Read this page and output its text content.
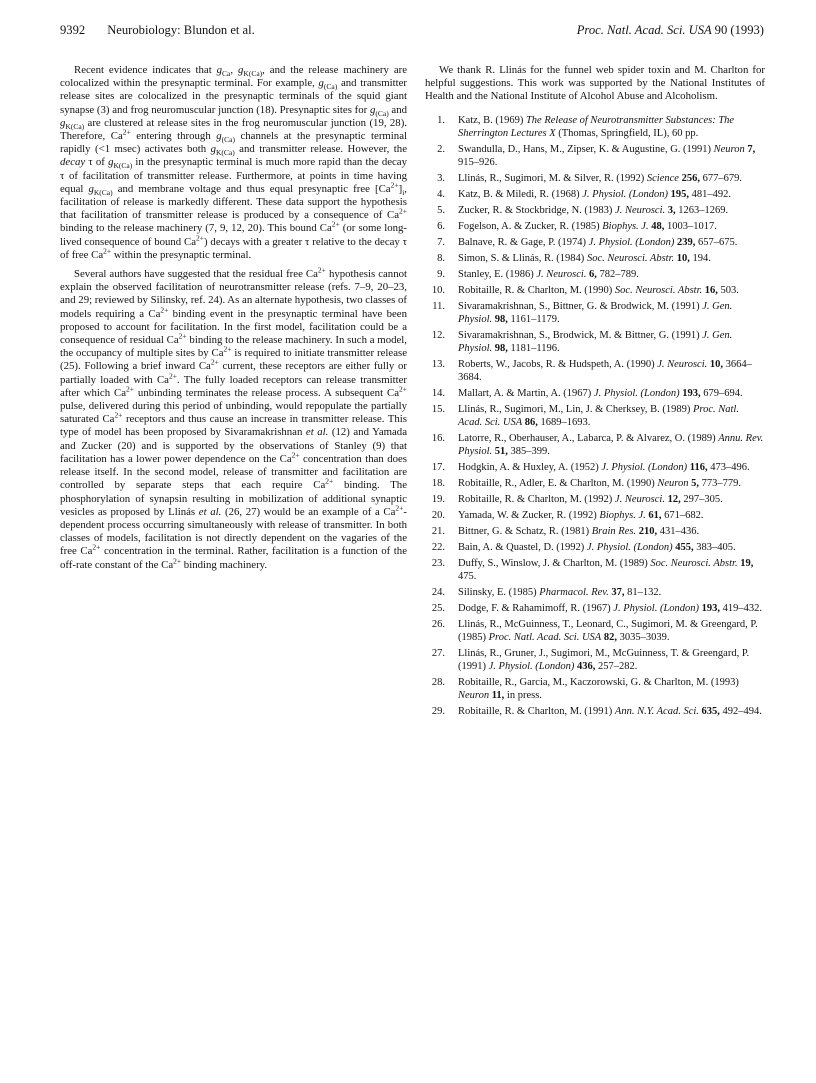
9392 Neurobiology: Blundon et al.	Proc. Natl. Acad. Sci. USA 90 (1993)

Recent evidence indicates that $g_{Ca}$, $g_{K(Ca)}$, and the release machinery are colocalized within the presynaptic terminal. For example, $g_{(Ca)}$ and transmitter release sites are colocalized in the presynaptic terminals of the squid giant synapse (3) and frog neuromuscular junction (18). Presynaptic sites for $g_{(Ca)}$ and $g_{K(Ca)}$ are clustered at release sites in the frog neuromuscular junction (19, 28). Therefore, $Ca^{2+}$ entering through $g_{(Ca)}$ channels at the presynaptic terminal rapidly (<1 msec) activates both $g_{K(Ca)}$ and transmitter release. However, the decay τ of $g_{K(Ca)}$ in the presynaptic terminal is much more rapid than the decay τ of facilitation of transmitter release. Furthermore, at points in time having equal $g_{K(Ca)}$ and membrane voltage and thus equal presynaptic free $[Ca^{2+}]_i$, facilitation of release is markedly different. These data support the hypothesis that facilitation of transmitter release is produced by a consequence of $Ca^{2+}$ binding to the release machinery (7, 9, 12, 20). This bound $Ca^{2+}$ (or some long-lived consequence of bound $Ca^{2+}$) decays with a greater τ relative to the decay τ of free $Ca^{2+}$ within the presynaptic terminal.

Several authors have suggested that the residual free $Ca^{2+}$ hypothesis cannot explain the observed facilitation of neurotransmitter release (refs. 7–9, 20–23, and 29; reviewed by Silinsky, ref. 24). As an alternate hypothesis, two classes of models requiring a $Ca^{2+}$ binding event in the presynaptic terminal have been proposed to account for facilitation. In the first model, facilitation could be a consequence of residual $Ca^{2+}$ binding to the release machinery. In such a model, the occupancy of multiple sites by $Ca^{2+}$ is required to initiate transmitter release (25). Following a brief inward $Ca^{2+}$ current, these receptors are either fully or partially loaded with $Ca^{2+}$. The fully loaded receptors can release transmitter after which $Ca^{2+}$ unbinding terminates the release process. A subsequent $Ca^{2+}$ pulse, delivered during this period of unbinding, would repopulate the partially saturated $Ca^{2+}$ receptors and thus cause an increase in transmitter release. This type of model has been proposed by Sivaramakrishnan et al. (12) and Yamada and Zucker (20) and is supported by the observations of Stanley (9) that facilitation has a lower power dependence on the $Ca^{2+}$ concentration than does release itself. In the second model, release of transmitter and facilitation are controlled by separate steps that each require $Ca^{2+}$ binding. The phosphorylation of synapsin resulting in mobilization of additional synaptic vesicles as proposed by Llinás et al. (26, 27) would be an example of a $Ca^{2+}$-dependent process occurring simultaneously with release of transmitter. In both classes of models, facilitation is not directly dependent on the vagaries of the free $Ca^{2+}$ concentration in the terminal. Rather, facilitation is a function of the off-rate constant of the $Ca^{2+}$ binding machinery.

We thank R. Llinás for the funnel web spider toxin and M. Charlton for helpful suggestions. This work was supported by the National Institutes of Health and the National Institute of Alcohol Abuse and Alcoholism.

1. Katz, B. (1969) The Release of Neurotransmitter Substances: The Sherrington Lectures X (Thomas, Springfield, IL), 60 pp.
2. Swandulla, D., Hans, M., Zipser, K. & Augustine, G. (1991) Neuron 7, 915–926.
3. Llinás, R., Sugimori, M. & Silver, R. (1992) Science 256, 677–679.
4. Katz, B. & Miledi, R. (1968) J. Physiol. (London) 195, 481–492.
5. Zucker, R. & Stockbridge, N. (1983) J. Neurosci. 3, 1263–1269.
6. Fogelson, A. & Zucker, R. (1985) Biophys. J. 48, 1003–1017.
7. Balnave, R. & Gage, P. (1974) J. Physiol. (London) 239, 657–675.
8. Simon, S. & Llinás, R. (1984) Soc. Neurosci. Abstr. 10, 194.
9. Stanley, E. (1986) J. Neurosci. 6, 782–789.
10. Robitaille, R. & Charlton, M. (1990) Soc. Neurosci. Abstr. 16, 503.
11. Sivaramakrishnan, S., Bittner, G. & Brodwick, M. (1991) J. Gen. Physiol. 98, 1161–1179.
12. Sivaramakrishnan, S., Brodwick, M. & Bittner, G. (1991) J. Gen. Physiol. 98, 1181–1196.
13. Roberts, W., Jacobs, R. & Hudspeth, A. (1990) J. Neurosci. 10, 3664–3684.
14. Mallart, A. & Martin, A. (1967) J. Physiol. (London) 193, 679–694.
15. Llinás, R., Sugimori, M., Lin, J. & Cherksey, B. (1989) Proc. Natl. Acad. Sci. USA 86, 1689–1693.
16. Latorre, R., Oberhauser, A., Labarca, P. & Alvarez, O. (1989) Annu. Rev. Physiol. 51, 385–399.
17. Hodgkin, A. & Huxley, A. (1952) J. Physiol. (London) 116, 473–496.
18. Robitaille, R., Adler, E. & Charlton, M. (1990) Neuron 5, 773–779.
19. Robitaille, R. & Charlton, M. (1992) J. Neurosci. 12, 297–305.
20. Yamada, W. & Zucker, R. (1992) Biophys. J. 61, 671–682.
21. Bittner, G. & Schatz, R. (1981) Brain Res. 210, 431–436.
22. Bain, A. & Quastel, D. (1992) J. Physiol. (London) 455, 383–405.
23. Duffy, S., Winslow, J. & Charlton, M. (1989) Soc. Neurosci. Abstr. 19, 475.
24. Silinsky, E. (1985) Pharmacol. Rev. 37, 81–132.
25. Dodge, F. & Rahamimoff, R. (1967) J. Physiol. (London) 193, 419–432.
26. Llinás, R., McGuinness, T., Leonard, C., Sugimori, M. & Greengard, P. (1985) Proc. Natl. Acad. Sci. USA 82, 3035–3039.
27. Llinás, R., Gruner, J., Sugimori, M., McGuinness, T. & Greengard, P. (1991) J. Physiol. (London) 436, 257–282.
28. Robitaille, R., Garcia, M., Kaczorowski, G. & Charlton, M. (1993) Neuron 11, in press.
29. Robitaille, R. & Charlton, M. (1991) Ann. N.Y. Acad. Sci. 635, 492–494.
